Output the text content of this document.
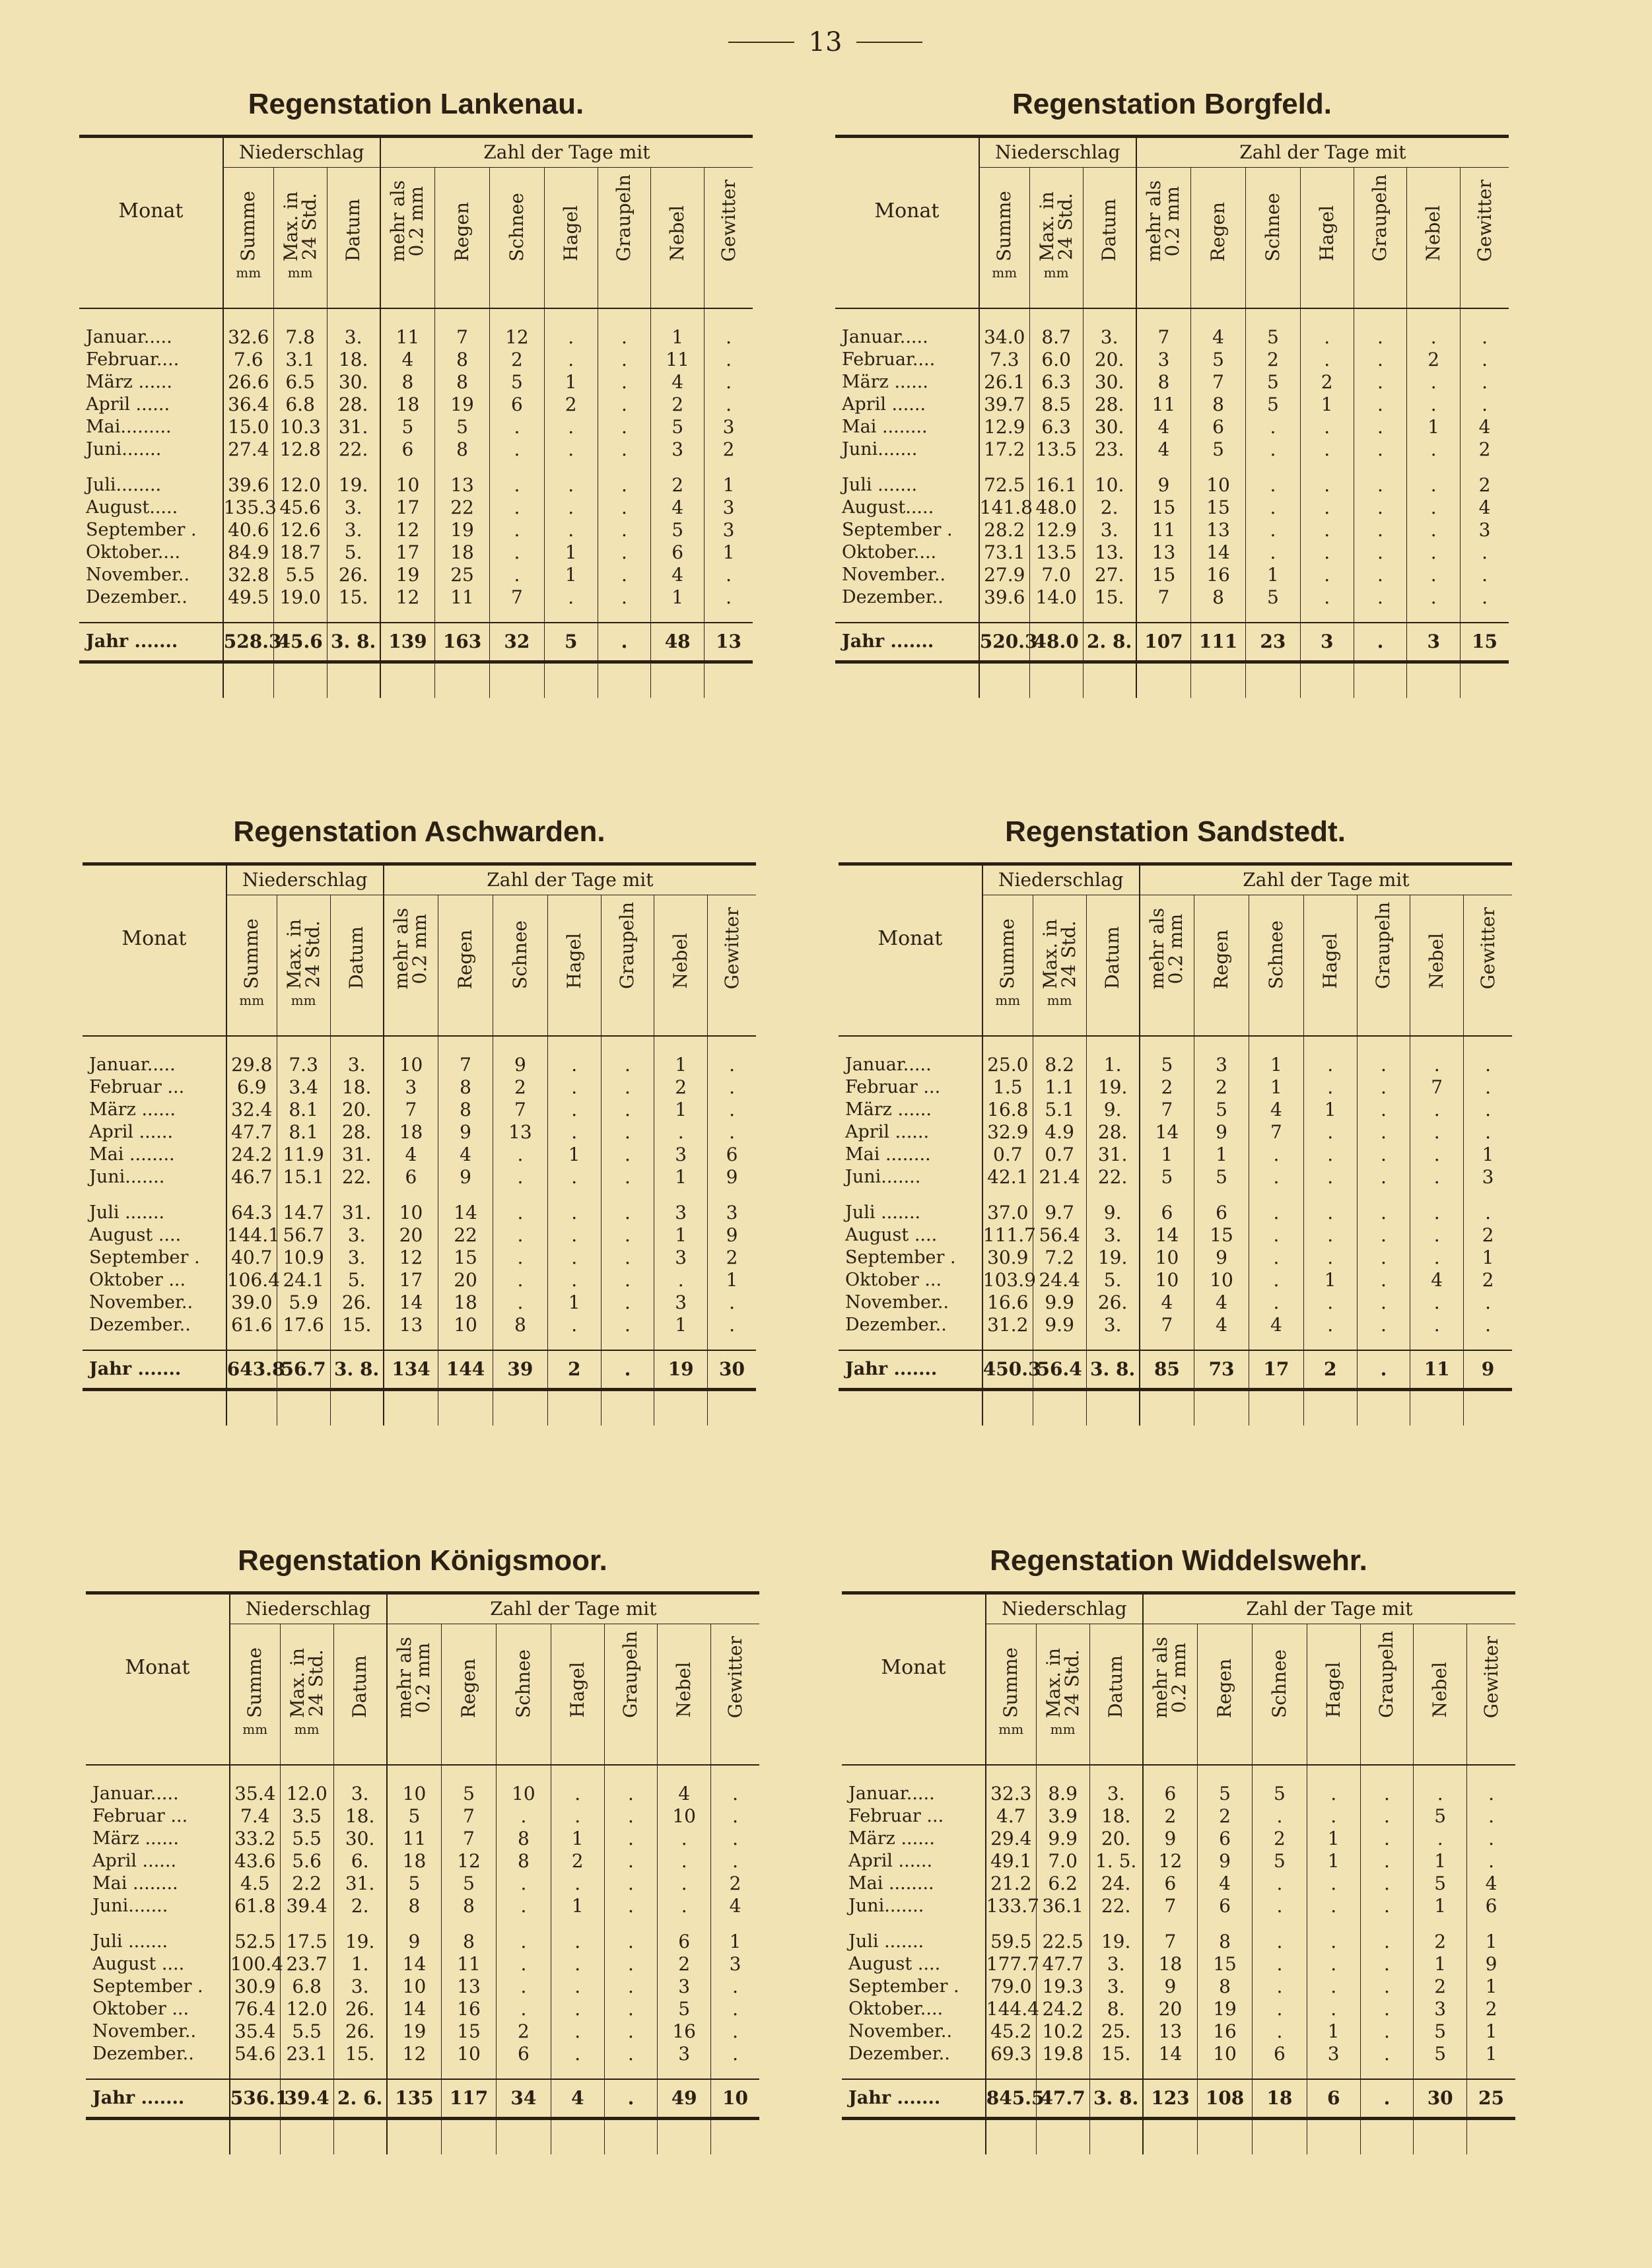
13
Regenstation Lankenau.
Monat	Niederschlag			Zahl der Tage mit						

	Summe
mm	Max. in
24 Std.
mm	Datum	mehr als
0.2 mm	Regen	Schnee	Hagel	Graupeln	Nebel	Gewitter

Januar.....	32.6	7.8	3.	11	7	12	.	.	1	.
Februar....	7.6	3.1	18.	4	8	2	.	.	11	.
März ......	26.6	6.5	30.	8	8	5	1	.	4	.
April ......	36.4	6.8	28.	18	19	6	2	.	2	.
Mai.........	15.0	10.3	31.	5	5	.	.	.	5	3
Juni.......	27.4	12.8	22.	6	8	.	.	.	3	2

Juli........	39.6	12.0	19.	10	13	.	.	.	2	1
August.....	135.3	45.6	3.	17	22	.	.	.	4	3
September .	40.6	12.6	3.	12	19	.	.	.	5	3
Oktober....	84.9	18.7	5.	17	18	.	1	.	6	1
November..	32.8	5.5	26.	19	25	.	1	.	4	.
Dezember..	49.5	19.0	15.	12	11	7	.	.	1	.

Jahr .......	528.3	45.6	3. 8.	139	163	32	5	.	48	13

Regenstation Borgfeld.
Monat	Niederschlag			Zahl der Tage mit						

	Summe
mm	Max. in
24 Std.
mm	Datum	mehr als
0.2 mm	Regen	Schnee	Hagel	Graupeln	Nebel	Gewitter

Januar.....	34.0	8.7	3.	7	4	5	.	.	.	.
Februar....	7.3	6.0	20.	3	5	2	.	.	2	.
März ......	26.1	6.3	30.	8	7	5	2	.	.	.
April ......	39.7	8.5	28.	11	8	5	1	.	.	.
Mai ........	12.9	6.3	30.	4	6	.	.	.	1	4
Juni.......	17.2	13.5	23.	4	5	.	.	.	.	2

Juli .......	72.5	16.1	10.	9	10	.	.	.	.	2
August.....	141.8	48.0	2.	15	15	.	.	.	.	4
September .	28.2	12.9	3.	11	13	.	.	.	.	3
Oktober....	73.1	13.5	13.	13	14	.	.	.	.	.
November..	27.9	7.0	27.	15	16	1	.	.	.	.
Dezember..	39.6	14.0	15.	7	8	5	.	.	.	.

Jahr .......	520.3	48.0	2. 8.	107	111	23	3	.	3	15

Regenstation Aschwarden.
Monat	Niederschlag			Zahl der Tage mit						

	Summe
mm	Max. in
24 Std.
mm	Datum	mehr als
0.2 mm	Regen	Schnee	Hagel	Graupeln	Nebel	Gewitter

Januar.....	29.8	7.3	3.	10	7	9	.	.	1	.
Februar ...	6.9	3.4	18.	3	8	2	.	.	2	.
März ......	32.4	8.1	20.	7	8	7	.	.	1	.
April ......	47.7	8.1	28.	18	9	13	.	.	.	.
Mai ........	24.2	11.9	31.	4	4	.	1	.	3	6
Juni.......	46.7	15.1	22.	6	9	.	.	.	1	9

Juli .......	64.3	14.7	31.	10	14	.	.	.	3	3
August ....	144.1	56.7	3.	20	22	.	.	.	1	9
September .	40.7	10.9	3.	12	15	.	.	.	3	2
Oktober ...	106.4	24.1	5.	17	20	.	.	.	.	1
November..	39.0	5.9	26.	14	18	.	1	.	3	.
Dezember..	61.6	17.6	15.	13	10	8	.	.	1	.

Jahr .......	643.8	56.7	3. 8.	134	144	39	2	.	19	30

Regenstation Sandstedt.
Monat	Niederschlag			Zahl der Tage mit						

	Summe
mm	Max. in
24 Std.
mm	Datum	mehr als
0.2 mm	Regen	Schnee	Hagel	Graupeln	Nebel	Gewitter

Januar.....	25.0	8.2	1.	5	3	1	.	.	.	.
Februar ...	1.5	1.1	19.	2	2	1	.	.	7	.
März ......	16.8	5.1	9.	7	5	4	1	.	.	.
April ......	32.9	4.9	28.	14	9	7	.	.	.	.
Mai ........	0.7	0.7	31.	1	1	.	.	.	.	1
Juni.......	42.1	21.4	22.	5	5	.	.	.	.	3

Juli .......	37.0	9.7	9.	6	6	.	.	.	.	.
August ....	111.7	56.4	3.	14	15	.	.	.	.	2
September .	30.9	7.2	19.	10	9	.	.	.	.	1
Oktober ...	103.9	24.4	5.	10	10	.	1	.	4	2
November..	16.6	9.9	26.	4	4	.	.	.	.	.
Dezember..	31.2	9.9	3.	7	4	4	.	.	.	.

Jahr .......	450.3	56.4	3. 8.	85	73	17	2	.	11	9

Regenstation Königsmoor.
Monat	Niederschlag			Zahl der Tage mit						

	Summe
mm	Max. in
24 Std.
mm	Datum	mehr als
0.2 mm	Regen	Schnee	Hagel	Graupeln	Nebel	Gewitter

Januar.....	35.4	12.0	3.	10	5	10	.	.	4	.
Februar ...	7.4	3.5	18.	5	7	.	.	.	10	.
März ......	33.2	5.5	30.	11	7	8	1	.	.	.
April ......	43.6	5.6	6.	18	12	8	2	.	.	.
Mai ........	4.5	2.2	31.	5	5	.	.	.	.	2
Juni.......	61.8	39.4	2.	8	8	.	1	.	.	4

Juli .......	52.5	17.5	19.	9	8	.	.	.	6	1
August ....	100.4	23.7	1.	14	11	.	.	.	2	3
September .	30.9	6.8	3.	10	13	.	.	.	3	.
Oktober ...	76.4	12.0	26.	14	16	.	.	.	5	.
November..	35.4	5.5	26.	19	15	2	.	.	16	.
Dezember..	54.6	23.1	15.	12	10	6	.	.	3	.

Jahr .......	536.1	39.4	2. 6.	135	117	34	4	.	49	10

Regenstation Widdelswehr.
Monat	Niederschlag			Zahl der Tage mit						

	Summe
mm	Max. in
24 Std.
mm	Datum	mehr als
0.2 mm	Regen	Schnee	Hagel	Graupeln	Nebel	Gewitter

Januar.....	32.3	8.9	3.	6	5	5	.	.	.	.
Februar ...	4.7	3.9	18.	2	2	.	.	.	5	.
März ......	29.4	9.9	20.	9	6	2	1	.	.	.
April ......	49.1	7.0	1. 5.	12	9	5	1	.	1	.
Mai ........	21.2	6.2	24.	6	4	.	.	.	5	4
Juni.......	133.7	36.1	22.	7	6	.	.	.	1	6

Juli .......	59.5	22.5	19.	7	8	.	.	.	2	1
August ....	177.7	47.7	3.	18	15	.	.	.	1	9
September .	79.0	19.3	3.	9	8	.	.	.	2	1
Oktober....	144.4	24.2	8.	20	19	.	.	.	3	2
November..	45.2	10.2	25.	13	16	.	1	.	5	1
Dezember..	69.3	19.8	15.	14	10	6	3	.	5	1

Jahr .......	845.5	47.7	3. 8.	123	108	18	6	.	30	25
